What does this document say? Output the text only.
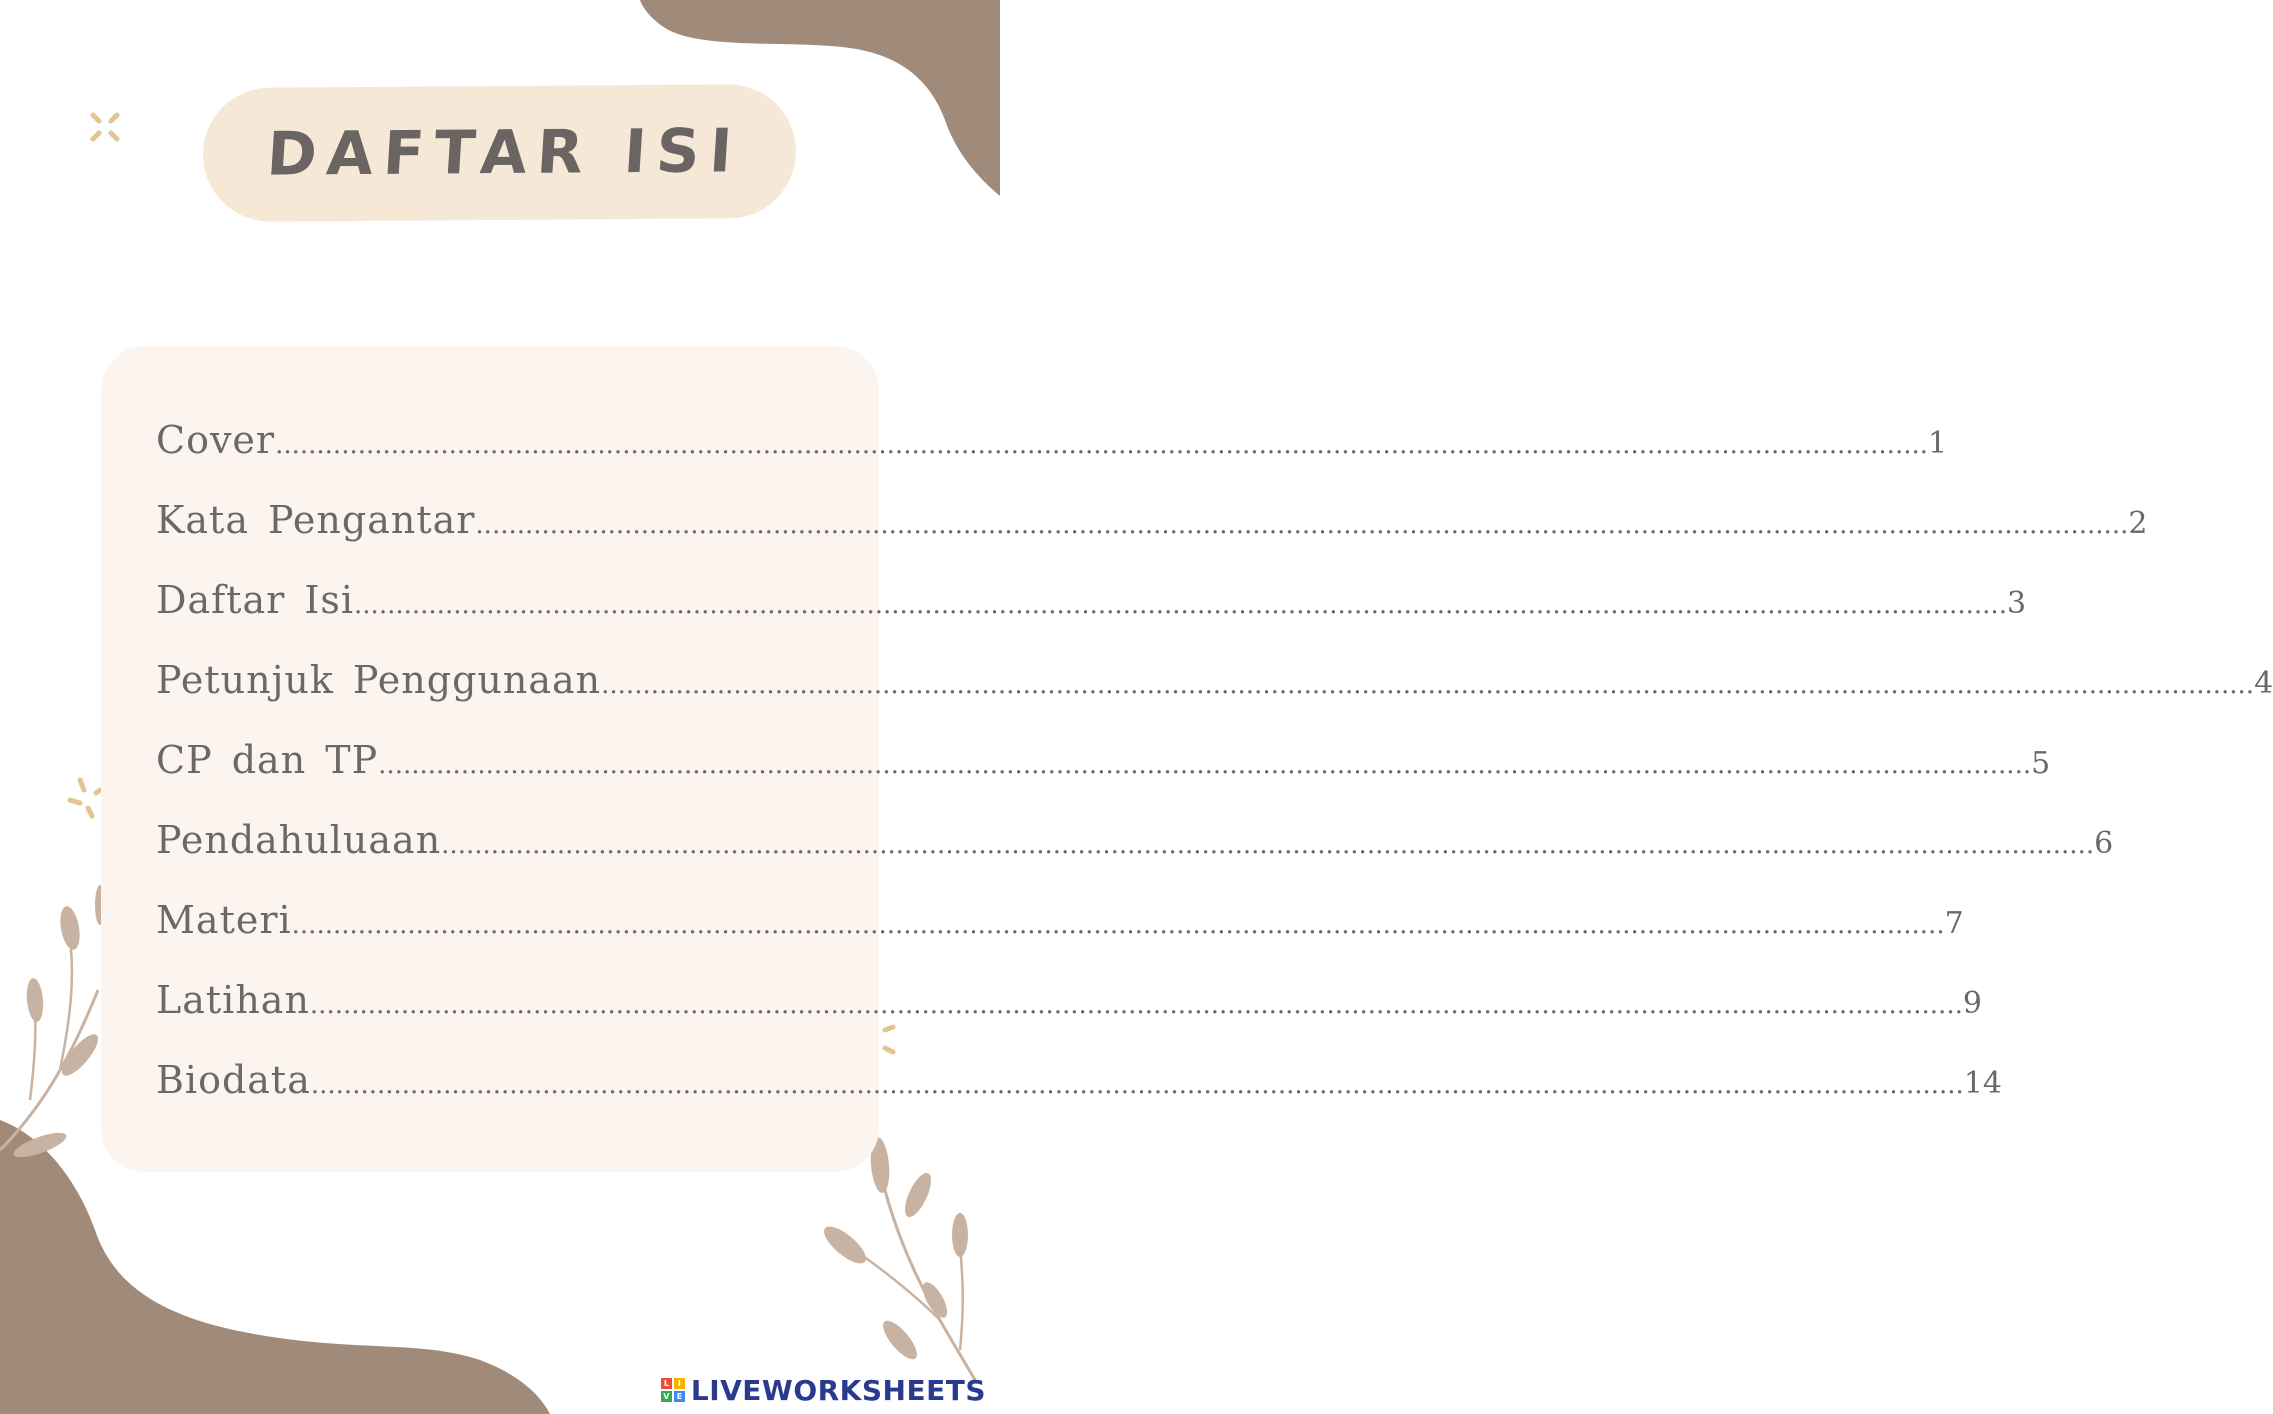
DAFTAR ISI
Cover ........................................................................................................................................................................................................ 1
Kata Pengantar ........................................................................................................................................................................................................ 2
Daftar Isi ........................................................................................................................................................................................................ 3
Petunjuk Penggunaan ........................................................................................................................................................................................................ 4
CP dan TP ........................................................................................................................................................................................................ 5
Pendahuluaan ........................................................................................................................................................................................................ 6
Materi ........................................................................................................................................................................................................ 7
Latihan ........................................................................................................................................................................................................ 9
Biodata ........................................................................................................................................................................................................ 14
L	I
V E LIVEWORKSHEETS
